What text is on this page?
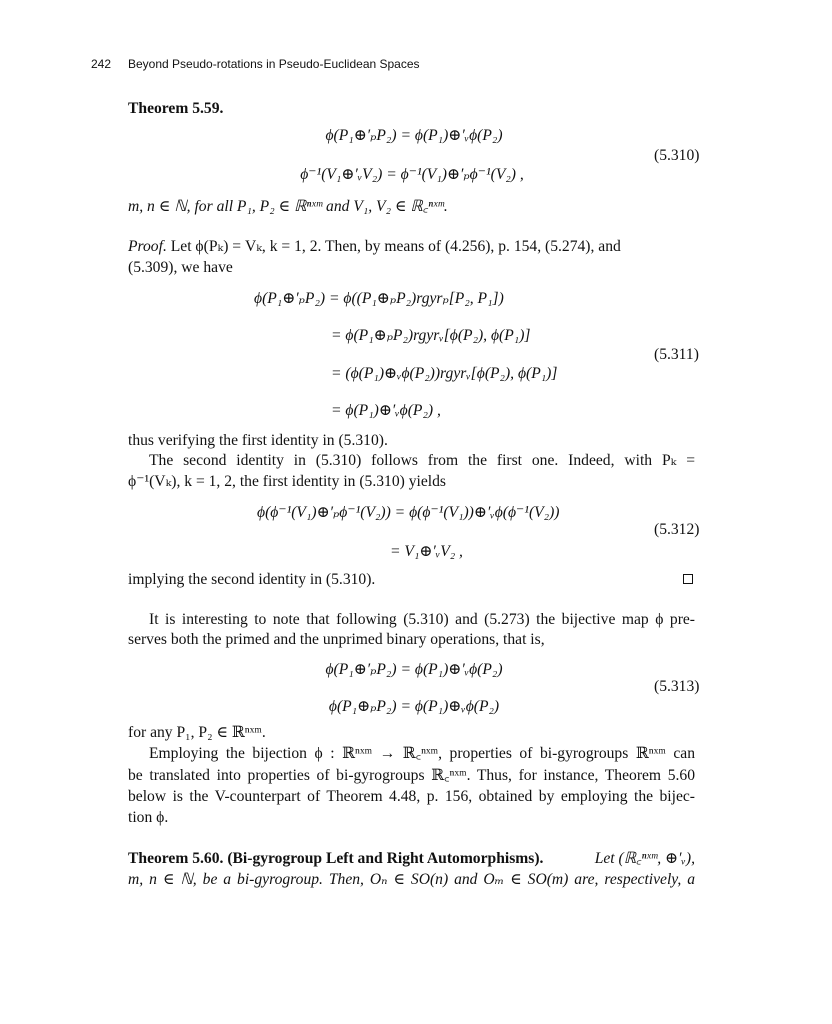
242 Beyond Pseudo-rotations in Pseudo-Euclidean Spaces
Theorem 5.59.
ϕ(P₁⊕′ₚP₂) = ϕ(P₁)⊕′ᵥϕ(P₂)
ϕ⁻¹(V₁⊕′ᵥV₂) = ϕ⁻¹(V₁)⊕′ₚϕ⁻¹(V₂) ,
(5.310)
m, n ∈ ℕ, for all P₁, P₂ ∈ ℝⁿˣᵐ and V₁, V₂ ∈ ℝ꜀ⁿˣᵐ.
Proof. Let ϕ(Pₖ) = Vₖ, k = 1, 2. Then, by means of (4.256), p. 154, (5.274), and
(5.309), we have
ϕ(P₁⊕′ₚP₂) = ϕ((P₁⊕ₚP₂)rgyrₚ[P₂, P₁])
= ϕ(P₁⊕ₚP₂)rgyrᵥ[ϕ(P₂), ϕ(P₁)]
= (ϕ(P₁)⊕ᵥϕ(P₂))rgyrᵥ[ϕ(P₂), ϕ(P₁)]
= ϕ(P₁)⊕′ᵥϕ(P₂) ,
(5.311)
thus verifying the first identity in (5.310).
The second identity in (5.310) follows from the first one. Indeed, with Pₖ =
ϕ⁻¹(Vₖ), k = 1, 2, the first identity in (5.310) yields
ϕ(ϕ⁻¹(V₁)⊕′ₚϕ⁻¹(V₂)) = ϕ(ϕ⁻¹(V₁))⊕′ᵥϕ(ϕ⁻¹(V₂))
= V₁⊕′ᵥV₂ ,
(5.312)
implying the second identity in (5.310).
It is interesting to note that following (5.310) and (5.273) the bijective map ϕ pre-
serves both the primed and the unprimed binary operations, that is,
ϕ(P₁⊕′ₚP₂) = ϕ(P₁)⊕′ᵥϕ(P₂)
ϕ(P₁⊕ₚP₂) = ϕ(P₁)⊕ᵥϕ(P₂)
(5.313)
for any P₁, P₂ ∈ ℝⁿˣᵐ.
Employing the bijection ϕ : ℝⁿˣᵐ → ℝ꜀ⁿˣᵐ, properties of bi-gyrogroups ℝⁿˣᵐ can
be translated into properties of bi-gyrogroups ℝ꜀ⁿˣᵐ. Thus, for instance, Theorem 5.60
below is the V-counterpart of Theorem 4.48, p. 156, obtained by employing the bijec-
tion ϕ.
Theorem 5.60. (Bi-gyrogroup Left and Right Automorphisms).	Let (ℝ꜀ⁿˣᵐ, ⊕′ᵥ),
m, n ∈ ℕ, be a bi-gyrogroup. Then, Oₙ ∈ SO(n) and Oₘ ∈ SO(m) are, respectively, a
